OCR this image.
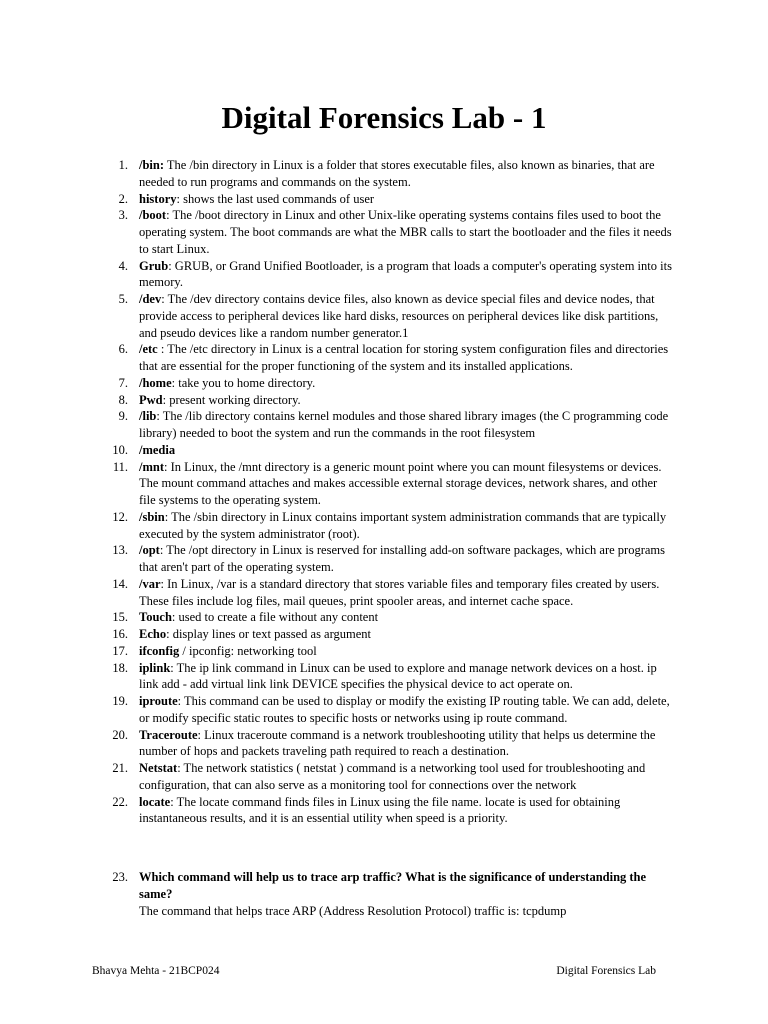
Digital Forensics Lab - 1
1 . /bin: The /bin directory in Linux is a folder that stores executable files, also known as binaries, that are needed to run programs and commands on the system.
2 . history: shows the last used commands of user
3 . /boot: The /boot directory in Linux and other Unix-like operating systems contains files used to boot the operating system. The boot commands are what the MBR calls to start the bootloader and the files it needs to start Linux.
4 . Grub: GRUB, or Grand Unified Bootloader, is a program that loads a computer's operating system into its memory.
5 . /dev: The /dev directory contains device files, also known as device special files and device nodes, that provide access to peripheral devices like hard disks, resources on peripheral devices like disk partitions, and pseudo devices like a random number generator.1
6 . /etc : The /etc directory in Linux is a central location for storing system configuration files and directories that are essential for the proper functioning of the system and its installed applications.
7 . /home: take you to home directory.
8 . Pwd: present working directory.
9 . /lib: The /lib directory contains kernel modules and those shared library images (the C programming code library) needed to boot the system and run the commands in the root filesystem
10 . /media
11 . /mnt: In Linux, the /mnt directory is a generic mount point where you can mount filesystems or devices. The mount command attaches and makes accessible external storage devices, network shares, and other file systems to the operating system.
12 . /sbin: The /sbin directory in Linux contains important system administration commands that are typically executed by the system administrator (root).
13 . /opt: The /opt directory in Linux is reserved for installing add-on software packages, which are programs that aren't part of the operating system.
14 . /var: In Linux, /var is a standard directory that stores variable files and temporary files created by users. These files include log files, mail queues, print spooler areas, and internet cache space.
15 . Touch: used to create a file without any content
16 . Echo: display lines or text passed as argument
17 . ifconfig / ipconfig: networking tool
18 . iplink: The ip link command in Linux can be used to explore and manage network devices on a host. ip link add - add virtual link link DEVICE specifies the physical device to act operate on.
19 . iproute: This command can be used to display or modify the existing IP routing table. We can add, delete, or modify specific static routes to specific hosts or networks using ip route command.
20 . Traceroute: Linux traceroute command is a network troubleshooting utility that helps us determine the number of hops and packets traveling path required to reach a destination.
21 . Netstat: The network statistics ( netstat ) command is a networking tool used for troubleshooting and configuration, that can also serve as a monitoring tool for connections over the network
22 . locate: The locate command finds files in Linux using the file name. locate is used for obtaining instantaneous results, and it is an essential utility when speed is a priority.
23 . Which command will help us to trace arp traffic? What is the significance of understanding the same?
The command that helps trace ARP (Address Resolution Protocol) traffic is: tcpdump
Bhavya Mehta - 21BCP024	Digital Forensics Lab
